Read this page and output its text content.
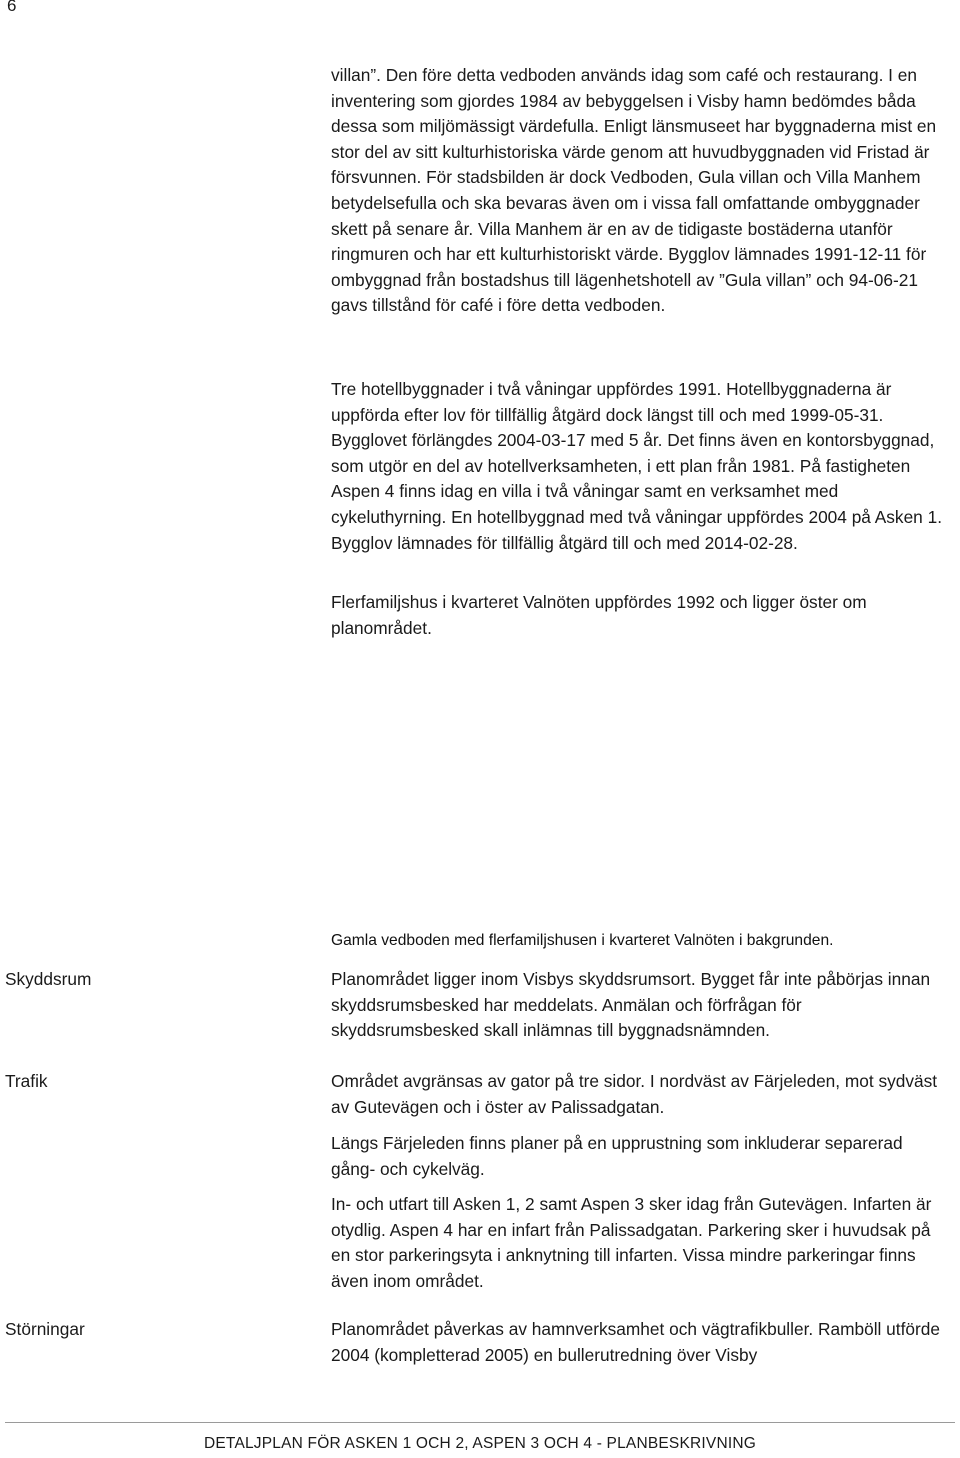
6

villan”. Den före detta vedboden används idag som café och restaurang. I en inventering som gjordes 1984 av bebyggelsen i Visby hamn bedömdes båda dessa som miljömässigt värdefulla. Enligt länsmuseet har byggnaderna mist en stor del av sitt kulturhistoriska värde genom att huvudbyggnaden vid Fristad är försvunnen. För stadsbilden är dock Vedboden, Gula villan och Villa Manhem betydelsefulla och ska bevaras även om i vissa fall omfattande ombyggnader skett på senare år. Villa Manhem är en av de tidigaste bostäderna utanför ringmuren och har ett kulturhistoriskt värde. Bygglov lämnades 1991-12-11 för ombyggnad från bostadshus till lägenhetshotell av ”Gula villan” och 94-06-21 gavs tillstånd för café i före detta vedboden.

Tre hotellbyggnader i två våningar uppfördes 1991. Hotellbyggnaderna är uppförda efter lov för tillfällig åtgärd dock längst till och med 1999-05-31. Bygglovet förlängdes 2004-03-17 med 5 år. Det finns även en kontorsbyggnad, som utgör en del av hotellverksamheten, i ett plan från 1981. På fastigheten Aspen 4 finns idag en villa i två våningar samt en verksamhet med cykeluthyrning. En hotellbyggnad med två våningar uppfördes 2004 på Asken 1. Bygglov lämnades för tillfällig åtgärd till och med 2014-02-28.

Flerfamiljshus i kvarteret Valnöten uppfördes 1992 och ligger öster om planområdet.

Gamla vedboden med flerfamiljshusen i kvarteret Valnöten i bakgrunden.
Skyddsrum	Planområdet ligger inom Visbys skyddsrumsort. Bygget får inte påbörjas innan skyddsrumsbesked har meddelats. Anmälan och förfrågan för skyddsrumsbesked skall inlämnas till byggnadsnämnden.
Trafik	Området avgränsas av gator på tre sidor. I nordväst av Färjeleden, mot sydväst av Gutevägen och i öster av Palissadgatan.
Längs Färjeleden finns planer på en upprustning som inkluderar separerad gång- och cykelväg.
In- och utfart till Asken 1, 2 samt Aspen 3 sker idag från Gutevägen. Infarten är otydlig. Aspen 4 har en infart från Palissadgatan. Parkering sker i huvudsak på en stor parkeringsyta i anknytning till infarten. Vissa mindre parkeringar finns även inom området.
Störningar	Planområdet påverkas av hamnverksamhet och vägtrafikbuller. Ramböll utförde 2004 (kompletterad 2005) en bullerutredning över Visby
DETALJPLAN FÖR ASKEN 1 OCH 2, ASPEN 3 OCH 4 - PLANBESKRIVNING
